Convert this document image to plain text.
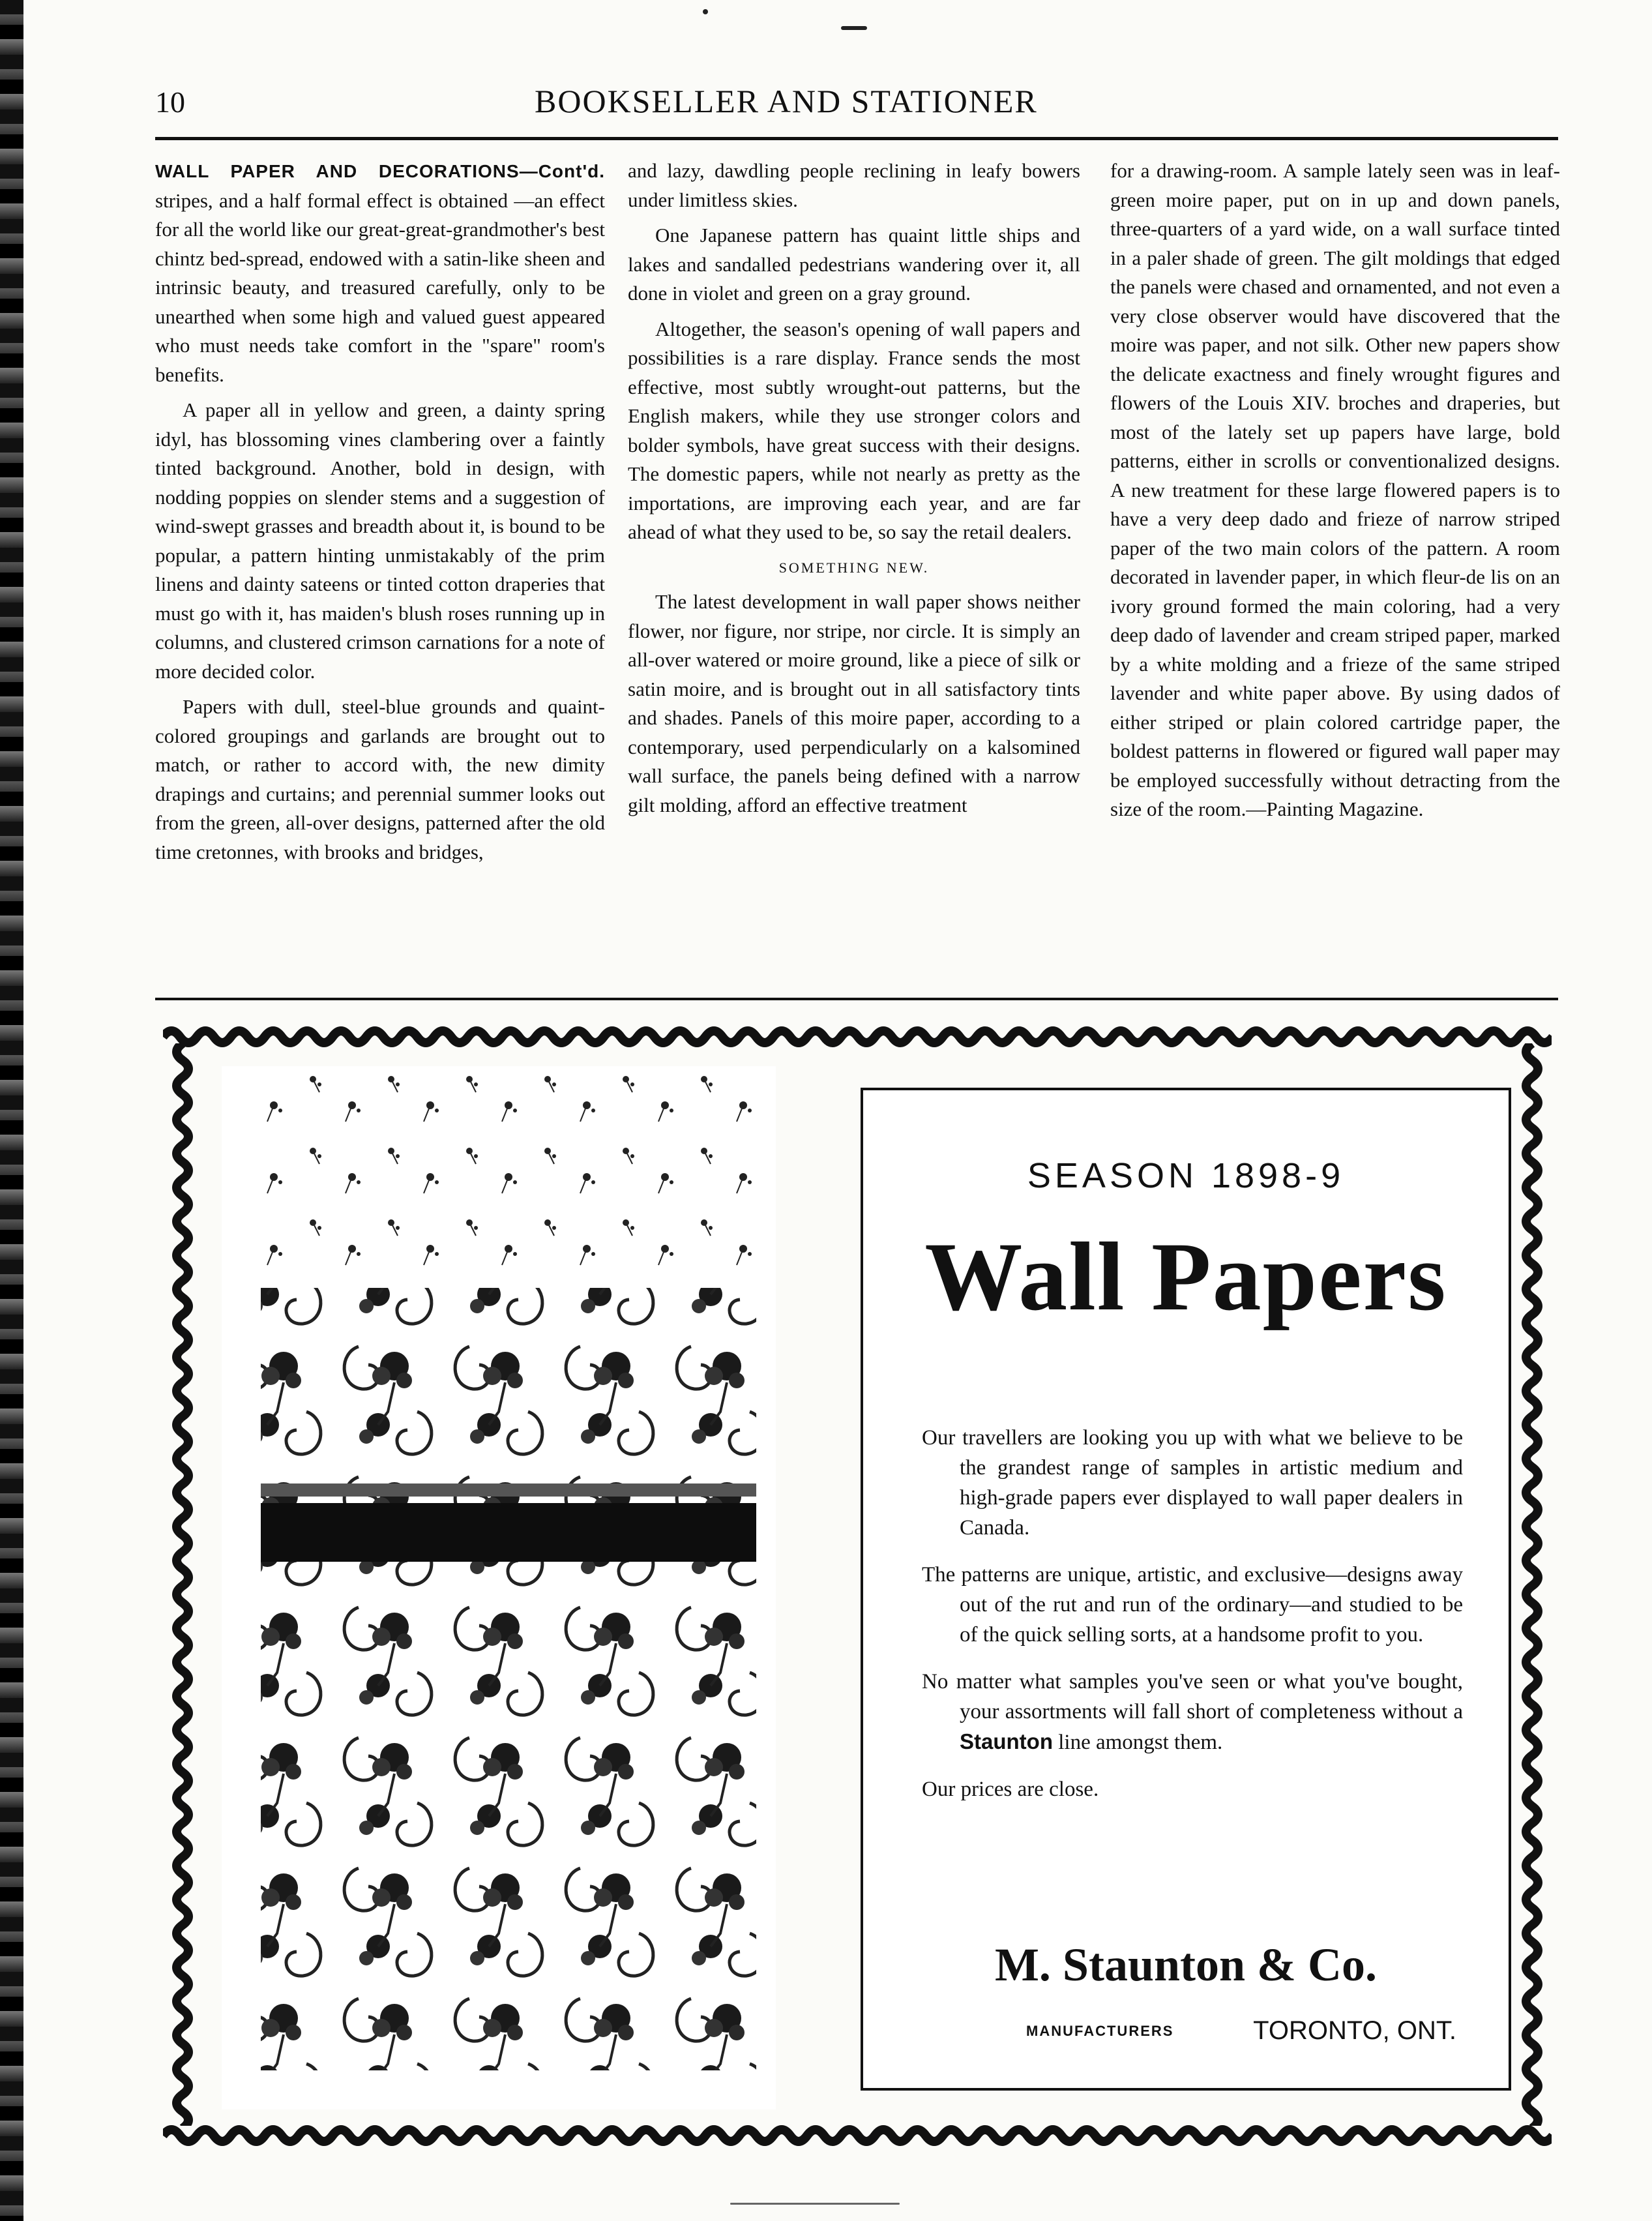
10	BOOKSELLER AND STATIONER

WALL PAPER AND DECORATIONS—Cont'd. stripes, and a half formal effect is obtained —an effect for all the world like our great-great-grandmother's best chintz bed-spread, endowed with a satin-like sheen and intrinsic beauty, and treasured carefully, only to be unearthed when some high and valued guest appeared who must needs take comfort in the "spare" room's benefits.

A paper all in yellow and green, a dainty spring idyl, has blossoming vines clambering over a faintly tinted background. Another, bold in design, with nodding poppies on slender stems and a suggestion of wind-swept grasses and breadth about it, is bound to be popular, a pattern hinting unmistakably of the prim linens and dainty sateens or tinted cotton draperies that must go with it, has maiden's blush roses running up in columns, and clustered crimson carnations for a note of more decided color.

Papers with dull, steel-blue grounds and quaint-colored groupings and garlands are brought out to match, or rather to accord with, the new dimity drapings and curtains; and perennial summer looks out from the green, all-over designs, patterned after the old time cretonnes, with brooks and bridges,

and lazy, dawdling people reclining in leafy bowers under limitless skies.

One Japanese pattern has quaint little ships and lakes and sandalled pedestrians wandering over it, all done in violet and green on a gray ground.

Altogether, the season's opening of wall papers and possibilities is a rare display. France sends the most effective, most subtly wrought-out patterns, but the English makers, while they use stronger colors and bolder symbols, have great success with their designs. The domestic papers, while not nearly as pretty as the importations, are improving each year, and are far ahead of what they used to be, so say the retail dealers.

SOMETHING NEW.

The latest development in wall paper shows neither flower, nor figure, nor stripe, nor circle. It is simply an all-over watered or moire ground, like a piece of silk or satin moire, and is brought out in all satisfactory tints and shades. Panels of this moire paper, according to a contemporary, used perpendicularly on a kalsomined wall surface, the panels being defined with a narrow gilt molding, afford an effective treatment

for a drawing-room. A sample lately seen was in leaf-green moire paper, put on in up and down panels, three-quarters of a yard wide, on a wall surface tinted in a paler shade of green. The gilt moldings that edged the panels were chased and ornamented, and not even a very close observer would have discovered that the moire was paper, and not silk. Other new papers show the delicate exactness and finely wrought figures and flowers of the Louis XIV. broches and draperies, but most of the lately set up papers have large, bold patterns, either in scrolls or conventionalized designs. A new treatment for these large flowered papers is to have a very deep dado and frieze of narrow striped paper of the two main colors of the pattern. A room decorated in lavender paper, in which fleur-de lis on an ivory ground formed the main coloring, had a very deep dado of lavender and cream striped paper, marked by a white molding and a frieze of the same striped lavender and white paper above. By using dados of either striped or plain colored cartridge paper, the boldest patterns in flowered or figured wall paper may be employed successfully without detracting from the size of the room.—Painting Magazine.

SEASON 1898-9
Wall Papers

Our travellers are looking you up with what we believe to be the grandest range of samples in artistic medium and high-grade papers ever displayed to wall paper dealers in Canada.

The patterns are unique, artistic, and exclusive—designs away out of the rut and run of the ordinary—and studied to be of the quick selling sorts, at a handsome profit to you.

No matter what samples you've seen or what you've bought, your assortments will fall short of completeness without a Staunton line amongst them.

Our prices are close.

M. Staunton & Co.
MANUFACTURERS	TORONTO, ONT.
